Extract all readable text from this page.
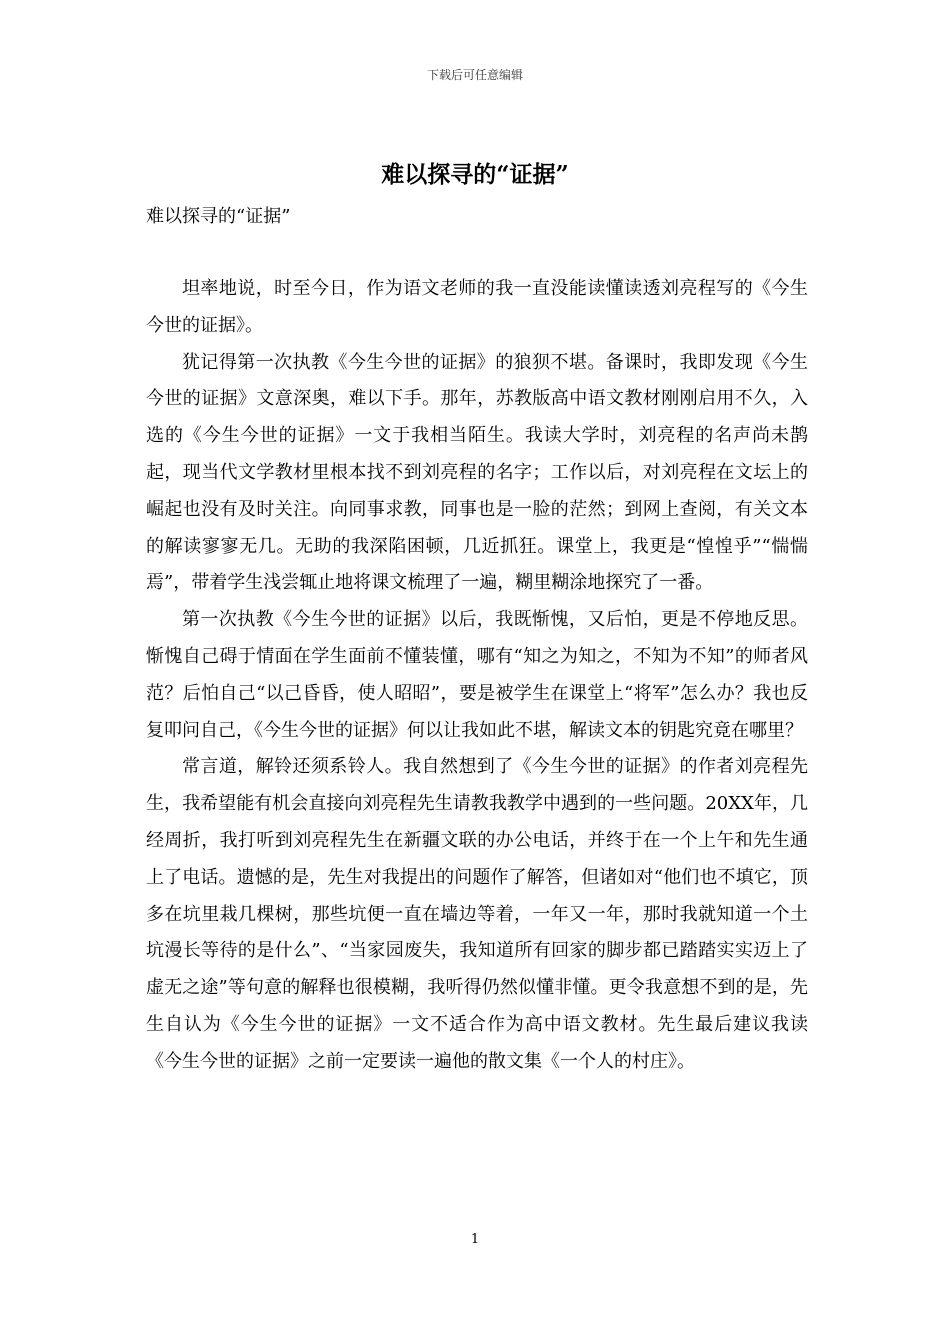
下载后可任意编辑
难以探寻的“证据”

难以探寻的“证据”

坦率地说，时至今日，作为语文老师的我一直没能读懂读透刘亮程写的《今生今世的证据》。

犹记得第一次执教《今生今世的证据》的狼狈不堪。备课时，我即发现《今生今世的证据》文意深奥，难以下手。那年，苏教版高中语文教材刚刚启用不久，入选的《今生今世的证据》一文于我相当陌生。我读大学时，刘亮程的名声尚未鹊起，现当代文学教材里根本找不到刘亮程的名字；工作以后，对刘亮程在文坛上的崛起也没有及时关注。向同事求教，同事也是一脸的茫然；到网上查阅，有关文本的解读寥寥无几。无助的我深陷困顿，几近抓狂。课堂上，我更是“惶惶乎”“惴惴焉”，带着学生浅尝辄止地将课文梳理了一遍，糊里糊涂地探究了一番。

第一次执教《今生今世的证据》以后，我既惭愧，又后怕，更是不停地反思。惭愧自己碍于情面在学生面前不懂装懂，哪有“知之为知之，不知为不知”的师者风范？后怕自己“以己昏昏，使人昭昭”，要是被学生在课堂上“将军”怎么办？我也反复叩问自己，《今生今世的证据》何以让我如此不堪，解读文本的钥匙究竟在哪里？

常言道，解铃还须系铃人。我自然想到了《今生今世的证据》的作者刘亮程先生，我希望能有机会直接向刘亮程先生请教我教学中遇到的一些问题。20XX年，几经周折，我打听到刘亮程先生在新疆文联的办公电话，并终于在一个上午和先生通上了电话。遗憾的是，先生对我提出的问题作了解答，但诸如对“他们也不填它，顶多在坑里栽几棵树，那些坑便一直在墙边等着，一年又一年，那时我就知道一个土坑漫长等待的是什么”、“当家园废失，我知道所有回家的脚步都已踏踏实实迈上了虚无之途”等句意的解释也很模糊，我听得仍然似懂非懂。更令我意想不到的是，先生自认为《今生今世的证据》一文不适合作为高中语文教材。先生最后建议我读《今生今世的证据》之前一定要读一遍他的散文集《一个人的村庄》。

1
